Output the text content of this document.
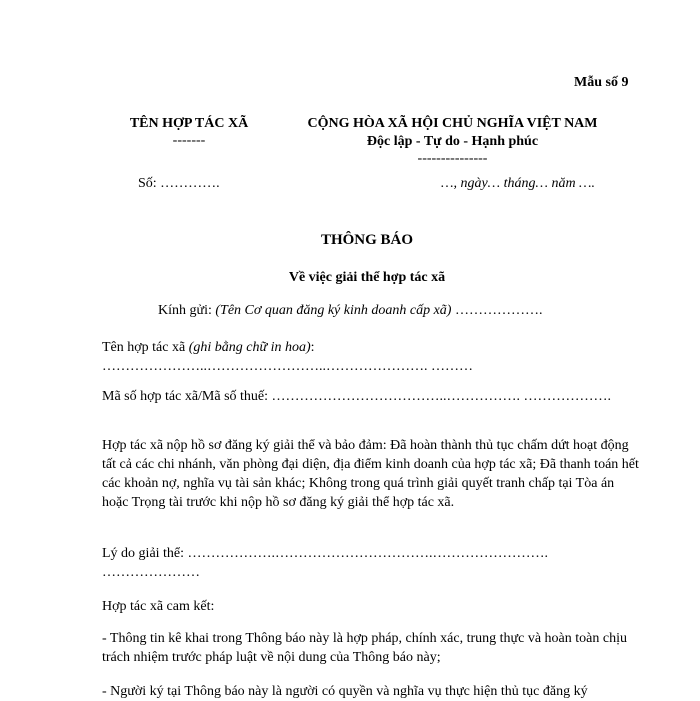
Mẫu số 9
TÊN HỢP TÁC XÃ
-------
CỘNG HÒA XÃ HỘI CHỦ NGHĨA VIỆT NAM
Độc lập - Tự do - Hạnh phúc
---------------
Số: ………….	…, ngày… tháng… năm ….
THÔNG BÁO
Về việc giải thể hợp tác xã
Kính gửi: (Tên Cơ quan đăng ký kinh doanh cấp xã) ……………….

Tên hợp tác xã (ghi bằng chữ in hoa): …………………..……………………..…………………. ………

Mã số hợp tác xã/Mã số thuế: ………………………………..……………. ……………….

Hợp tác xã nộp hồ sơ đăng ký giải thể và bảo đảm: Đã hoàn thành thủ tục chấm dứt hoạt động tất cả các chi nhánh, văn phòng đại diện, địa điểm kinh doanh của hợp tác xã; Đã thanh toán hết các khoản nợ, nghĩa vụ tài sản khác; Không trong quá trình giải quyết tranh chấp tại Tòa án hoặc Trọng tài trước khi nộp hồ sơ đăng ký giải thể hợp tác xã.

Lý do giải thể: ……………….…………………………….……………………. …………………

Hợp tác xã cam kết:

- Thông tin kê khai trong Thông báo này là hợp pháp, chính xác, trung thực và hoàn toàn chịu trách nhiệm trước pháp luật về nội dung của Thông báo này;

- Người ký tại Thông báo này là người có quyền và nghĩa vụ thực hiện thủ tục đăng ký
